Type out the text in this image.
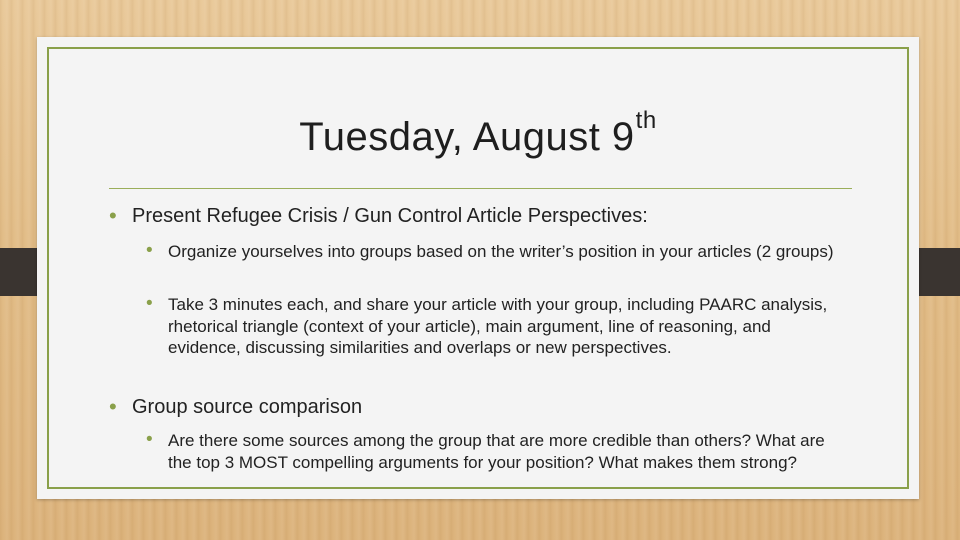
Tuesday, August 9th
• Present Refugee Crisis / Gun Control Article Perspectives:
• Organize yourselves into groups based on the writer’s position in your articles (2 groups)
• Take 3 minutes each, and share your article with your group, including PAARC analysis, rhetorical triangle (context of your article), main argument, line of reasoning, and evidence, discussing similarities and overlaps or new perspectives.
• Group source comparison
• Are there some sources among the group that are more credible than others? What are the top 3 MOST compelling arguments for your position? What makes them strong?
